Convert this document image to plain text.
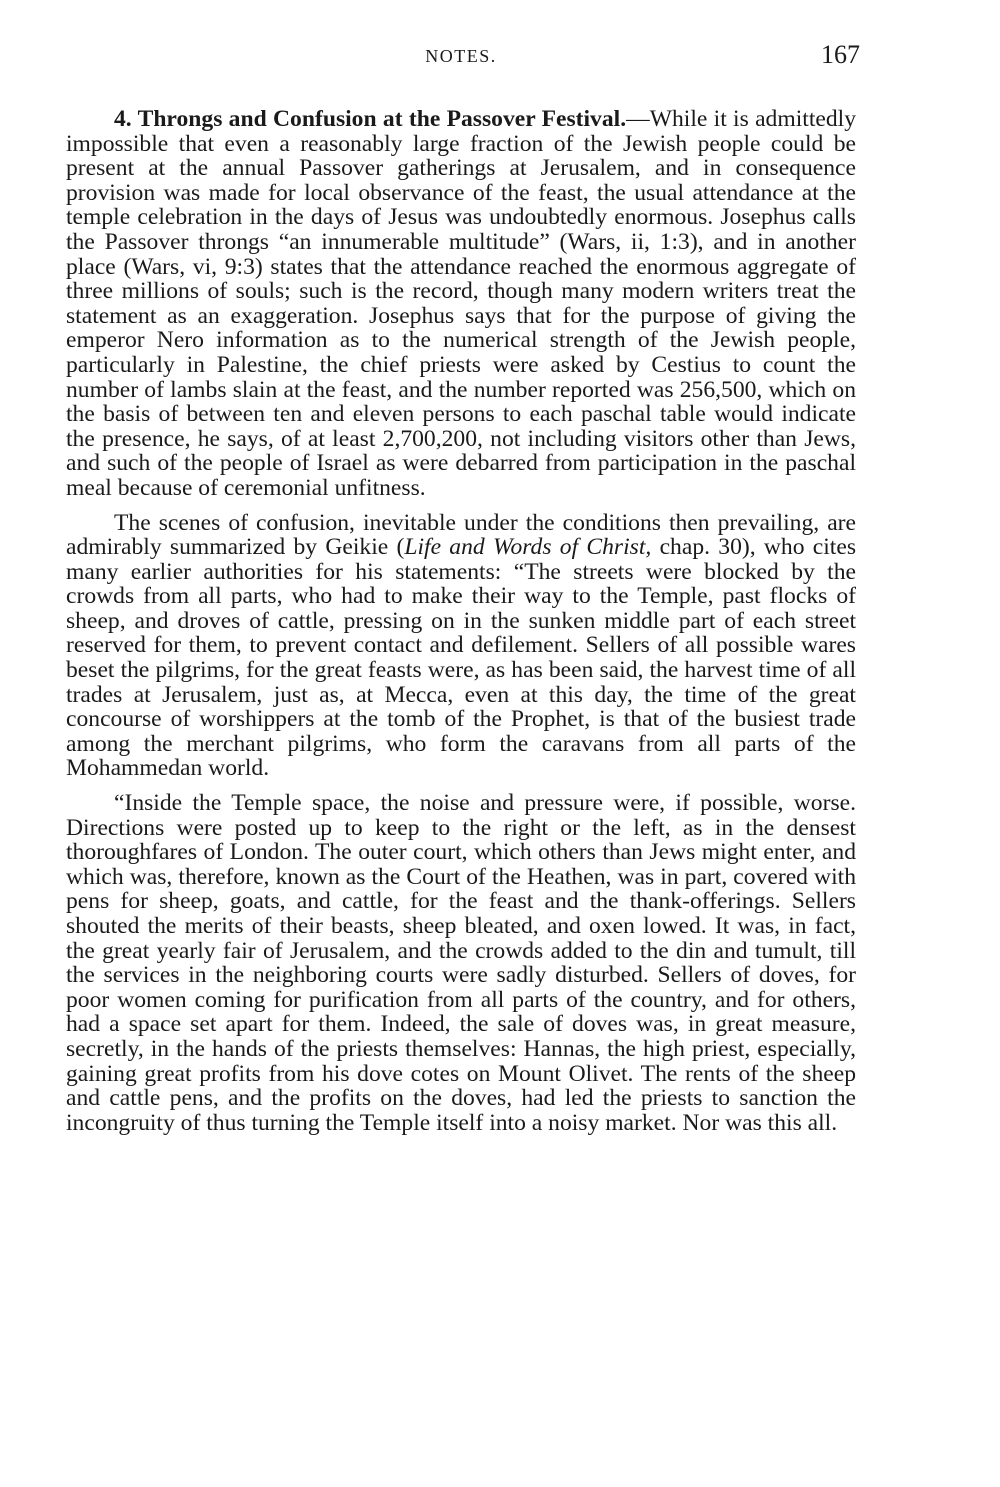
NOTES.	167

4. Throngs and Confusion at the Passover Festival.—While it is admittedly impossible that even a reasonably large fraction of the Jewish people could be present at the annual Passover gatherings at Jerusalem, and in consequence provision was made for local observance of the feast, the usual attendance at the temple celebration in the days of Jesus was undoubtedly enormous. Josephus calls the Passover throngs “an innumerable multitude” (Wars, ii, 1:3), and in another place (Wars, vi, 9:3) states that the attendance reached the enormous aggregate of three millions of souls; such is the record, though many modern writers treat the statement as an exaggeration. Josephus says that for the purpose of giving the emperor Nero information as to the numerical strength of the Jewish people, particularly in Palestine, the chief priests were asked by Cestius to count the number of lambs slain at the feast, and the number reported was 256,500, which on the basis of between ten and eleven persons to each paschal table would indicate the presence, he says, of at least 2,700,200, not including visitors other than Jews, and such of the people of Israel as were debarred from participation in the paschal meal because of ceremonial unfitness.

The scenes of confusion, inevitable under the conditions then prevailing, are admirably summarized by Geikie (Life and Words of Christ, chap. 30), who cites many earlier authorities for his statements: “The streets were blocked by the crowds from all parts, who had to make their way to the Temple, past flocks of sheep, and droves of cattle, pressing on in the sunken middle part of each street reserved for them, to prevent contact and defilement. Sellers of all possible wares beset the pilgrims, for the great feasts were, as has been said, the harvest time of all trades at Jerusalem, just as, at Mecca, even at this day, the time of the great concourse of worshippers at the tomb of the Prophet, is that of the busiest trade among the merchant pilgrims, who form the caravans from all parts of the Mohammedan world.

“Inside the Temple space, the noise and pressure were, if possible, worse. Directions were posted up to keep to the right or the left, as in the densest thoroughfares of London. The outer court, which others than Jews might enter, and which was, therefore, known as the Court of the Heathen, was in part, covered with pens for sheep, goats, and cattle, for the feast and the thank-offerings. Sellers shouted the merits of their beasts, sheep bleated, and oxen lowed. It was, in fact, the great yearly fair of Jerusalem, and the crowds added to the din and tumult, till the services in the neighboring courts were sadly disturbed. Sellers of doves, for poor women coming for purification from all parts of the country, and for others, had a space set apart for them. Indeed, the sale of doves was, in great measure, secretly, in the hands of the priests themselves: Hannas, the high priest, especially, gaining great profits from his dove cotes on Mount Olivet. The rents of the sheep and cattle pens, and the profits on the doves, had led the priests to sanction the incongruity of thus turning the Temple itself into a noisy market. Nor was this all.
